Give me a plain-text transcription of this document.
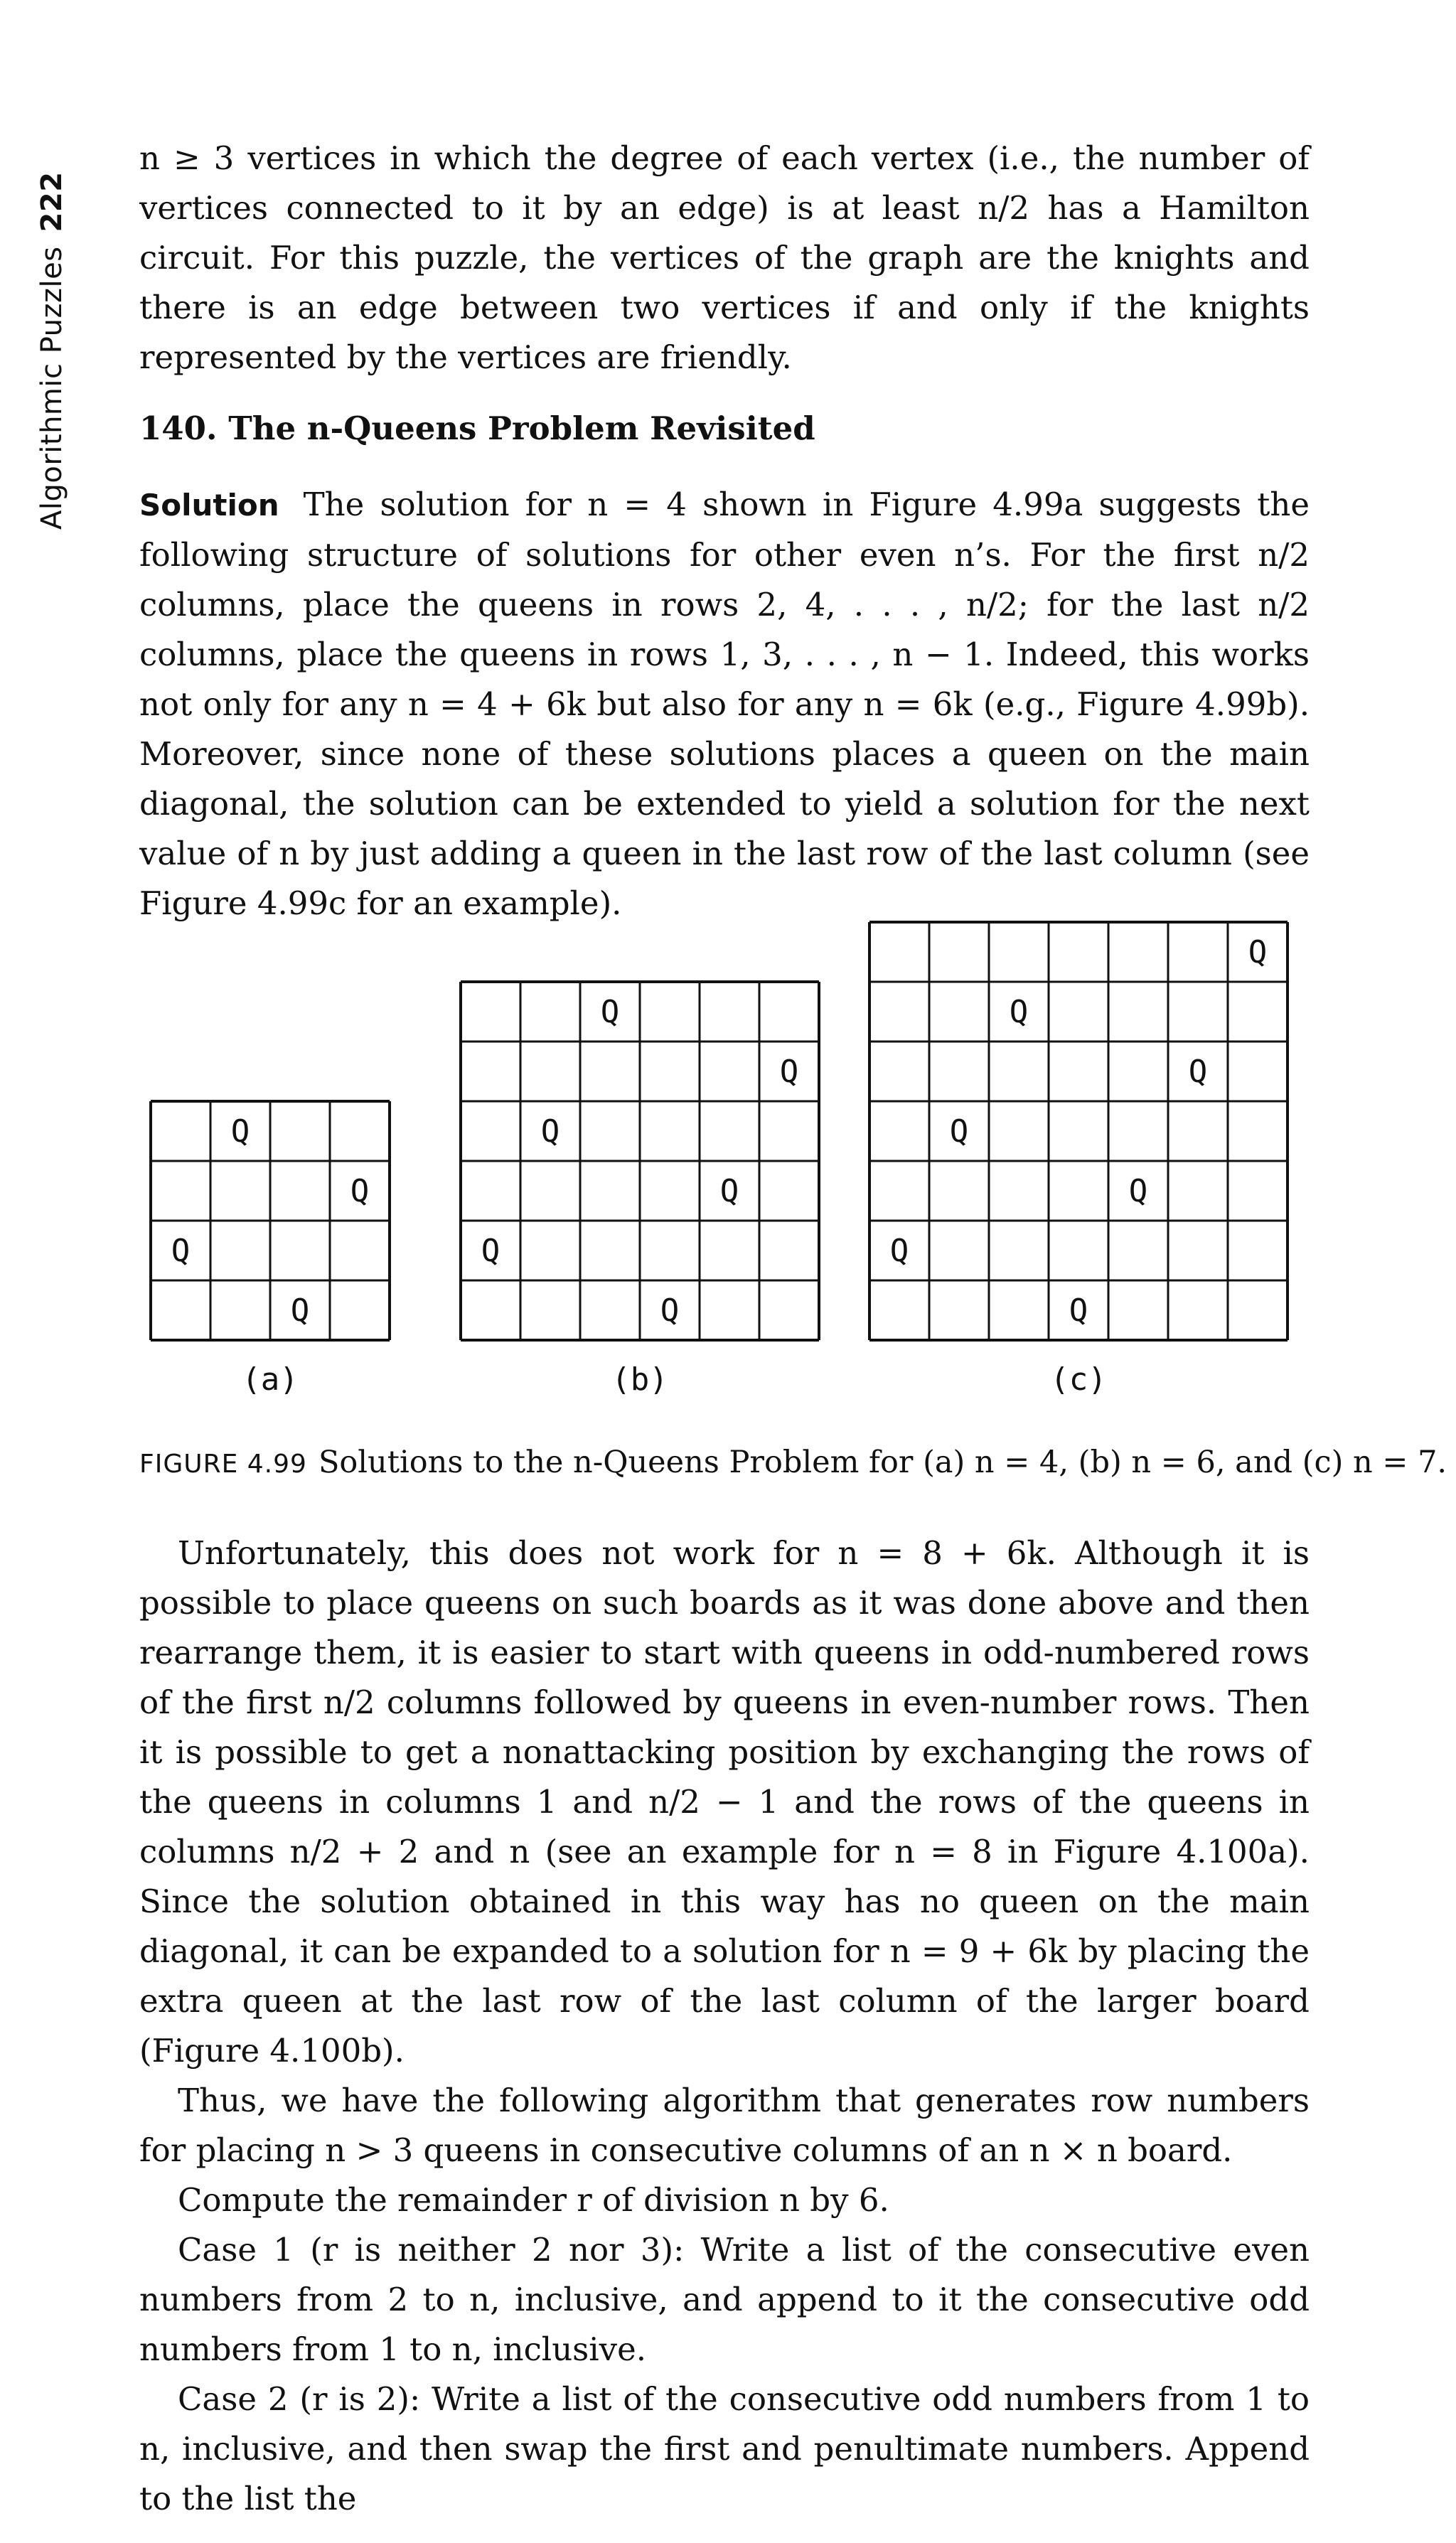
Algorithmic Puzzles222

n ≥ 3 vertices in which the degree of each vertex (i.e., the number of vertices connected to it by an edge) is at least n/2 has a Hamilton circuit. For this puzzle, the vertices of the graph are the knights and there is an edge between two vertices if and only if the knights represented by the vertices are friendly.

140. The n-Queens Problem Revisited

Solution The solution for n = 4 shown in Figure 4.99a suggests the following structure of solutions for other even n’s. For the first n/2 columns, place the queens in rows 2, 4, . . . , n/2; for the last n/2 columns, place the queens in rows 1, 3, . . . , n − 1. Indeed, this works not only for any n = 4 + 6k but also for any n = 6k (e.g., Figure 4.99b). Moreover, since none of these solutions places a queen on the main diagonal, the solution can be extended to yield a solution for the next value of n by just adding a queen in the last row of the last column (see Figure 4.99c for an example).

Q
Q
Q
Q
Q
Q
Q
Q
Q
Q
Q
Q
Q
Q
Q
Q
Q
(a)	(b)	(c)
FIGURE 4.99 Solutions to the n-Queens Problem for (a) n = 4, (b) n = 6, and (c) n = 7.

Unfortunately, this does not work for n = 8 + 6k. Although it is possible to place queens on such boards as it was done above and then rearrange them, it is easier to start with queens in odd-numbered rows of the first n/2 columns followed by queens in even-number rows. Then it is possible to get a nonattacking position by exchanging the rows of the queens in columns 1 and n/2 − 1 and the rows of the queens in columns n/2 + 2 and n (see an example for n = 8 in Figure 4.100a). Since the solution obtained in this way has no queen on the main diagonal, it can be expanded to a solution for n = 9 + 6k by placing the extra queen at the last row of the last column of the larger board (Figure 4.100b).

Thus, we have the following algorithm that generates row numbers for placing n > 3 queens in consecutive columns of an n × n board.

Compute the remainder r of division n by 6.

Case 1 (r is neither 2 nor 3): Write a list of the consecutive even numbers from 2 to n, inclusive, and append to it the consecutive odd numbers from 1 to n, inclusive.

Case 2 (r is 2): Write a list of the consecutive odd numbers from 1 to n, inclusive, and then swap the first and penultimate numbers. Append to the list the
